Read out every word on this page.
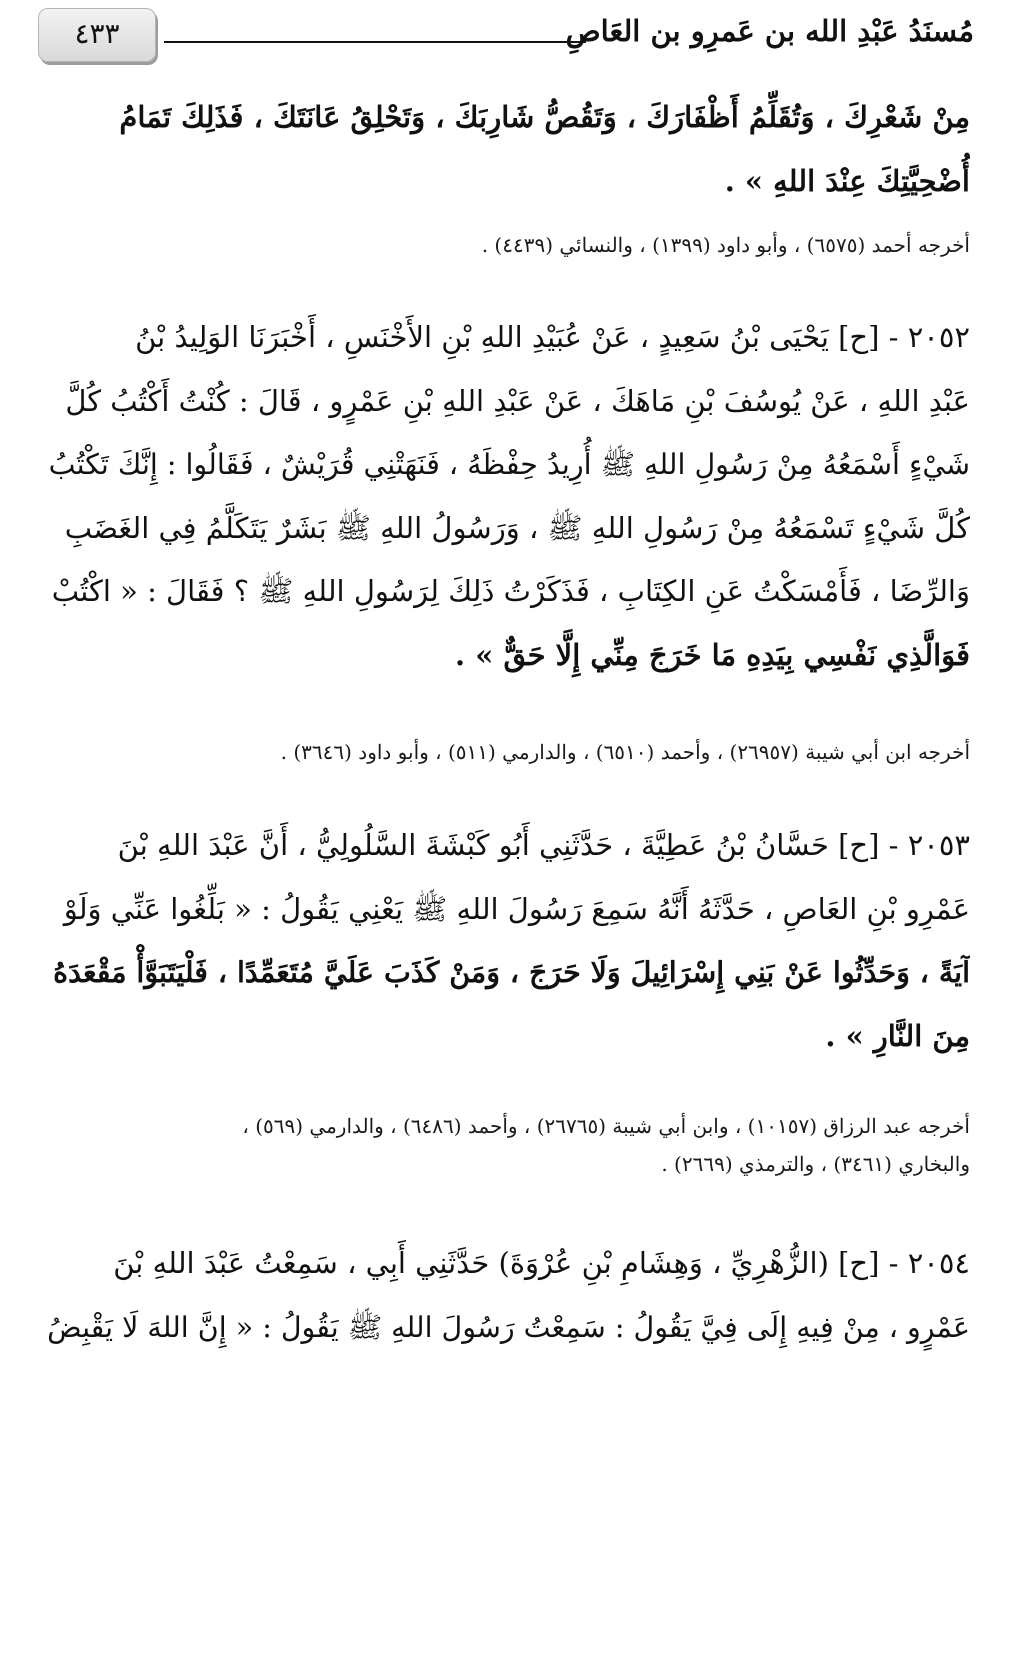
مُسنَدُ عَبْدِ الله بن عَمرِو بن العَاصِ
٤٣٣
مِنْ شَعْرِكَ ، وَتُقَلِّمُ أَظْفَارَكَ ، وَتَقُصُّ شَارِبَكَ ، وَتَحْلِقُ عَانَتَكَ ، فَذَلِكَ تَمَامُ
أُضْحِيَّتِكَ عِنْدَ اللهِ » .
أخرجه أحمد (٦٥٧٥) ، وأبو داود (١٣٩٩) ، والنسائي (٤٤٣٩) .
٢٠٥٢ - [ح] يَحْيَى بْنُ سَعِيدٍ ، عَنْ عُبَيْدِ اللهِ بْنِ الأَخْنَسِ ، أَخْبَرَنَا الوَلِيدُ بْنُ
عَبْدِ اللهِ ، عَنْ يُوسُفَ بْنِ مَاهَكَ ، عَنْ عَبْدِ اللهِ بْنِ عَمْرٍو ، قَالَ : كُنْتُ أَكْتُبُ كُلَّ
شَيْءٍ أَسْمَعُهُ مِنْ رَسُولِ اللهِ ﷺ أُرِيدُ حِفْظَهُ ، فَنَهَتْنِي قُرَيْشٌ ، فَقَالُوا : إِنَّكَ تَكْتُبُ
كُلَّ شَيْءٍ تَسْمَعُهُ مِنْ رَسُولِ اللهِ ﷺ ، وَرَسُولُ اللهِ ﷺ بَشَرٌ يَتَكَلَّمُ فِي الغَضَبِ
وَالرِّضَا ، فَأَمْسَكْتُ عَنِ الكِتَابِ ، فَذَكَرْتُ ذَلِكَ لِرَسُولِ اللهِ ﷺ ؟ فَقَالَ : « اكْتُبْ
فَوَالَّذِي نَفْسِي بِيَدِهِ مَا خَرَجَ مِنِّي إِلَّا حَقٌّ » .
أخرجه ابن أبي شيبة (٢٦٩٥٧) ، وأحمد (٦٥١٠) ، والدارمي (٥١١) ، وأبو داود (٣٦٤٦) .
٢٠٥٣ - [ح] حَسَّانُ بْنُ عَطِيَّةَ ، حَدَّثَنِي أَبُو كَبْشَةَ السَّلُولِيُّ ، أَنَّ عَبْدَ اللهِ بْنَ
عَمْرِو بْنِ العَاصِ ، حَدَّثَهُ أَنَّهُ سَمِعَ رَسُولَ اللهِ ﷺ يَعْنِي يَقُولُ : « بَلِّغُوا عَنِّي وَلَوْ
آيَةً ، وَحَدِّثُوا عَنْ بَنِي إِسْرَائِيلَ وَلَا حَرَجَ ، وَمَنْ كَذَبَ عَلَيَّ مُتَعَمِّدًا ، فَلْيَتَبَوَّأْ مَقْعَدَهُ
مِنَ النَّارِ » .
أخرجه عبد الرزاق (١٠١٥٧) ، وابن أبي شيبة (٢٦٧٦٥) ، وأحمد (٦٤٨٦) ، والدارمي (٥٦٩) ،
والبخاري (٣٤٦١) ، والترمذي (٢٦٦٩) .
٢٠٥٤ - [ح] (الزُّهْرِيِّ ، وَهِشَامِ بْنِ عُرْوَةَ) حَدَّثَنِي أَبِي ، سَمِعْتُ عَبْدَ اللهِ بْنَ
عَمْرٍو ، مِنْ فِيهِ إِلَى فِيَّ يَقُولُ : سَمِعْتُ رَسُولَ اللهِ ﷺ يَقُولُ : « إِنَّ اللهَ لَا يَقْبِضُ
